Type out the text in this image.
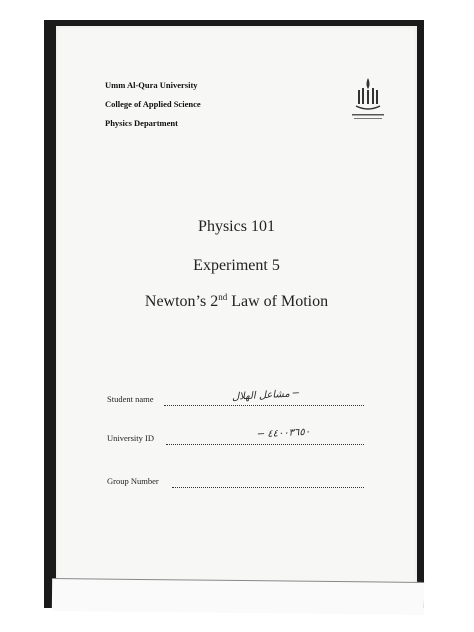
Umm Al-Qura University
College of Applied Science
Physics Department
Physics 101
Experiment 5
Newton’s 2nd Law of Motion
Student name	مشاعل الهلال ─
University ID	─ ٤٤٠٠٣٦٥٠
Group Number
